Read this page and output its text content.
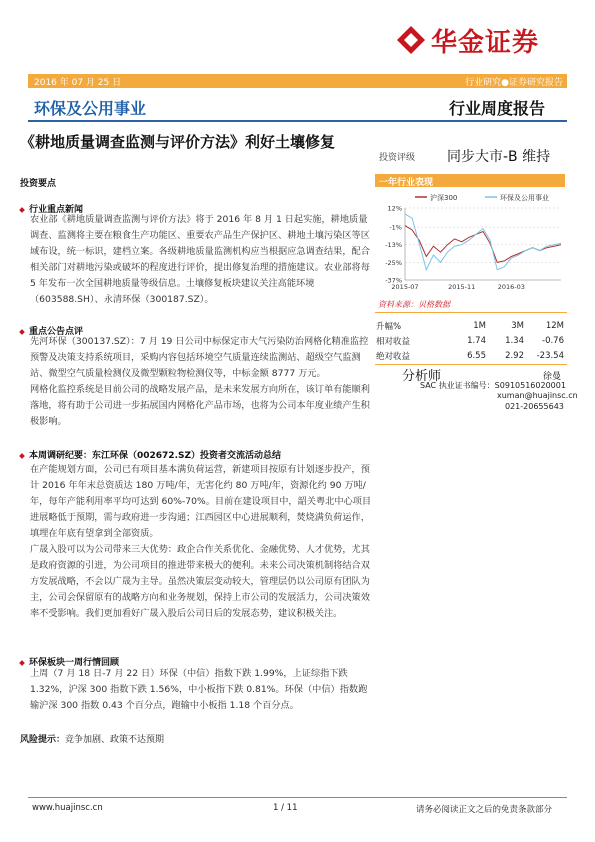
华金证券
2016 年 07 月 25 日	行业研究●证券研究报告
环保及公用事业	行业周度报告
《耕地质量调查监测与评价方法》利好土壤修复
投资评级 同步大市-B 维持
投资要点
行业重点新闻
农业部《耕地质量调查监测与评价方法》将于 2016 年 8 月 1 日起实施，耕地质量调查、监测将主要在粮食生产功能区、重要农产品生产保护区、耕地土壤污染区等区域布设，统一标识，建档立案。各级耕地质量监测机构应当根据应急调查结果，配合相关部门对耕地污染或破坏的程度进行评价，提出修复治理的措施建议。农业部将每 5 年发布一次全国耕地质量等级信息。土壤修复板块建议关注高能环境（603588.SH）、永清环保（300187.SZ）。
重点公告点评
先河环保（300137.SZ）：7 月 19 日公司中标保定市大气污染防治网格化精准监控预警及决策支持系统项目，采购内容包括环境空气质量连续监测站、超级空气监测站、微型空气质量检测仪及微型颗粒物检测仪等，中标金额 8777 万元。
网格化监控系统是目前公司的战略发展产品，是未来发展方向所在，该订单有能顺利落地，将有助于公司进一步拓展国内网格化产品市场，也将为公司本年度业绩产生积极影响。
本周调研纪要：东江环保（002672.SZ）投资者交流活动总结
在产能规划方面，公司已有项目基本满负荷运营，新建项目按原有计划逐步投产，预计 2016 年年末总资质达 180 万吨/年，无害化约 80 万吨/年，资源化约 90 万吨/年，每年产能利用率平均可达到 60%-70%。目前在建设项目中，韶关粤北中心项目进展略低于预期，需与政府进一步沟通；江西园区中心进展顺利，焚烧满负荷运作，填埋在年底有望拿到全部资质。
广晟入股可以为公司带来三大优势：政企合作关系优化、金融优势、人才优势，尤其是政府资源的引进，为公司项目的推进带来极大的便利。未来公司决策机制将结合双方发展战略，不会以广晟为主导。虽然决策层变动较大，管理层仍以公司原有团队为主，公司会保留原有的战略方向和业务规划，保持上市公司的发展活力，公司决策效率不受影响。我们更加看好广晟入股后公司日后的发展态势，建议积极关注。
环保板块一周行情回顾
上周（7 月 18 日-7 月 22 日）环保（中信）指数下跌 1.99%，上证综指下跌 1.32%，沪深 300 指数下跌 1.56%，中小板指下跌 0.81%。环保（中信）指数跑输沪深 300 指数 0.43 个百分点，跑输中小板指 1.18 个百分点。
风险提示：竞争加剧、政策不达预期
一年行业表现
沪深300	环保及公用事业
12%
-1%
-13%
-25%
-37%
2015-07	2015-11	2016-03
资料来源：贝格数据
升幅%	1M	3M	12M
相对收益	1.74	1.34	-0.76
绝对收益	6.55	2.92	-23.54
分析师	徐曼
SAC 执业证书编号：S0910516020001
xuman@huajinsc.cn
021-20655643
www.huajinsc.cn	1 / 11	请务必阅读正文之后的免责条款部分
